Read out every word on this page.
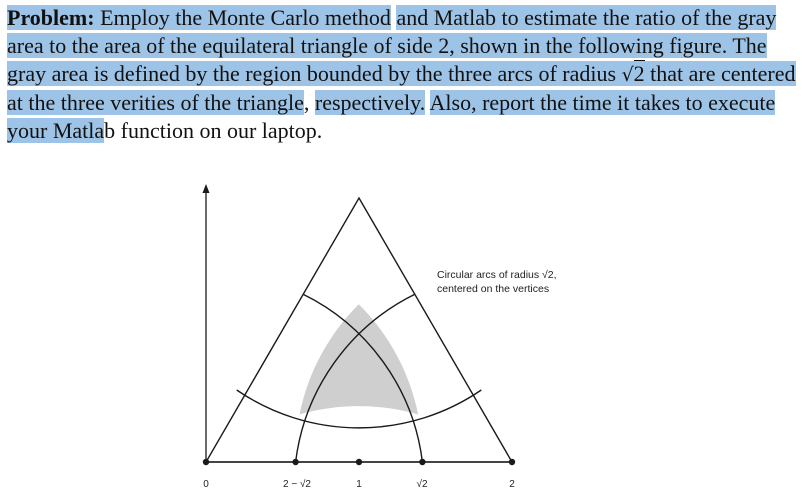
Problem: Employ the Monte Carlo method and Matlab to estimate the ratio of the gray area to the area of the equilateral triangle of side 2, shown in the following figure. The gray area is defined by the region bounded by the three arcs of radius √2 that are centered at the three verities of the triangle, respectively. Also, report the time it takes to execute your Matlab function on our laptop.

0	2 − √2	1	√2	2
Circular arcs of radius √2,
centered on the vertices
